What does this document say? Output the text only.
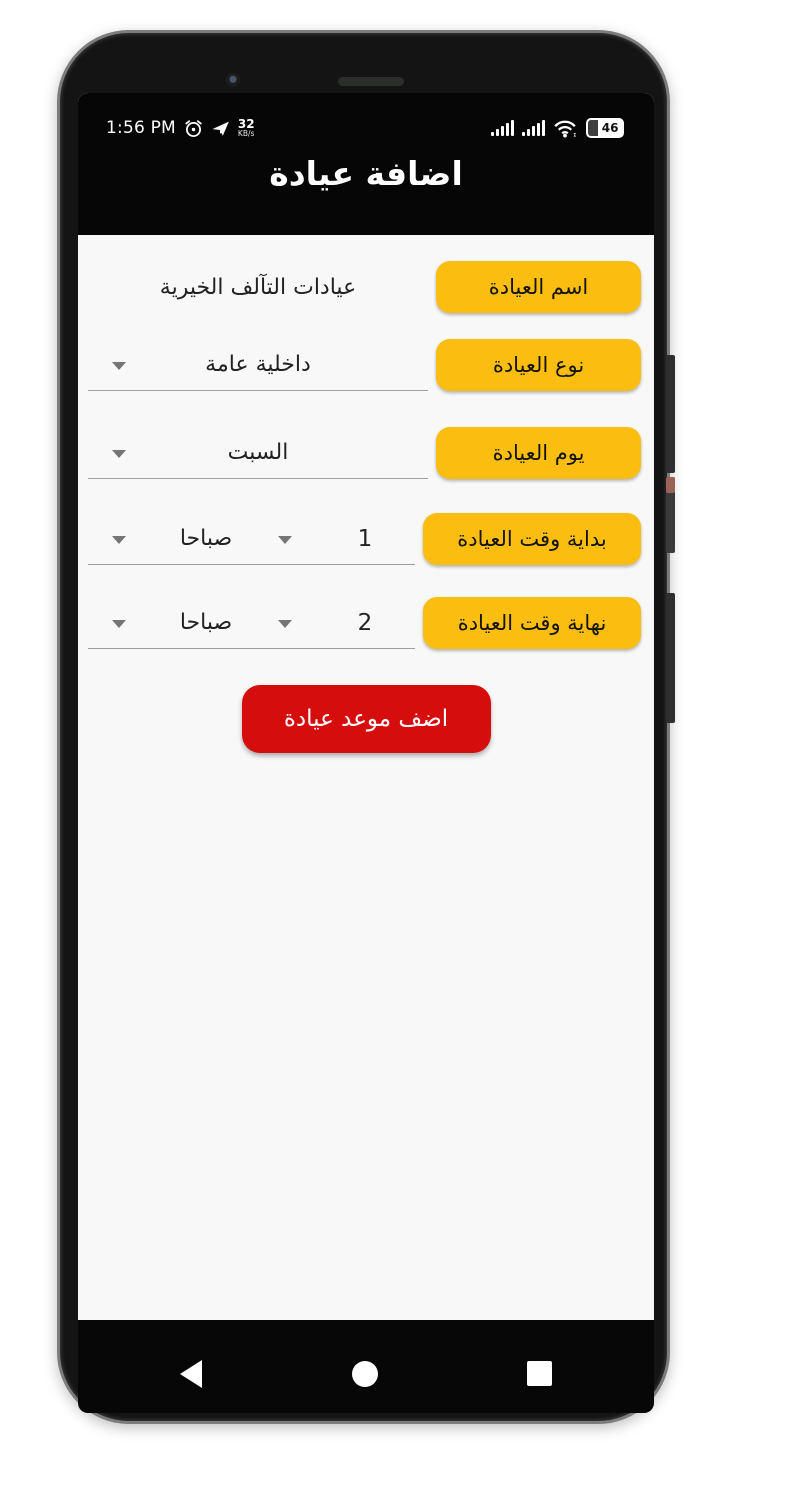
1:56 PM	32
KB/s	46
اضافة عيادة
عيادات التآلف الخيرية	اسم العيادة
داخلية عامة	نوع العيادة
السبت	يوم العيادة
صباحا	1	بداية وقت العيادة
صباحا	2	نهاية وقت العيادة
اضف موعد عيادة
